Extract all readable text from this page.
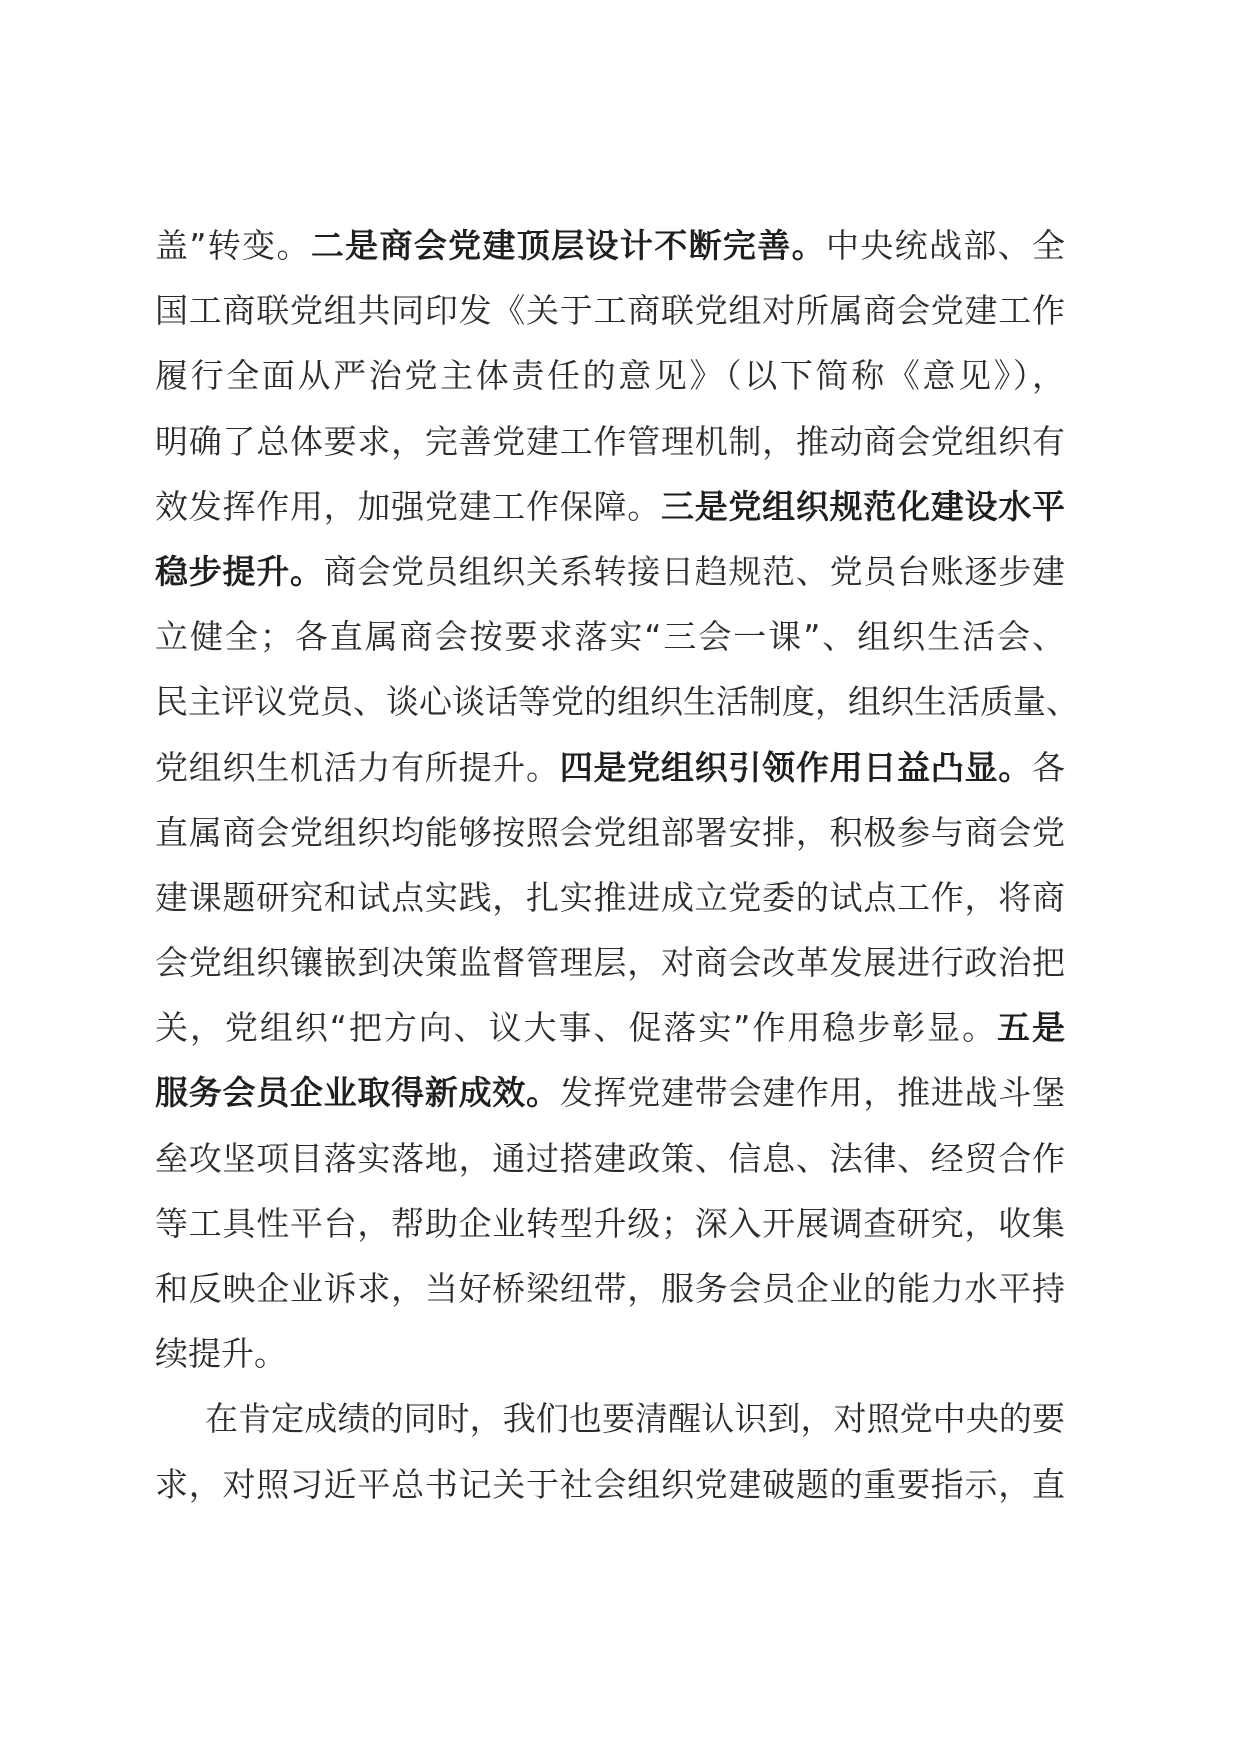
盖”转变。二是商会党建顶层设计不断完善。中央统战部、全
国工商联党组共同印发《关于工商联党组对所属商会党建工作
履行全面从严治党主体责任的意见》（以下简称《意见》），
明确了总体要求，完善党建工作管理机制，推动商会党组织有
效发挥作用，加强党建工作保障。三是党组织规范化建设水平
稳步提升。商会党员组织关系转接日趋规范、党员台账逐步建
立健全；各直属商会按要求落实“三会一课”、组织生活会、
民主评议党员、谈心谈话等党的组织生活制度，组织生活质量、
党组织生机活力有所提升。四是党组织引领作用日益凸显。各
直属商会党组织均能够按照会党组部署安排，积极参与商会党
建课题研究和试点实践，扎实推进成立党委的试点工作，将商
会党组织镶嵌到决策监督管理层，对商会改革发展进行政治把
关，党组织“把方向、议大事、促落实”作用稳步彰显。五是
服务会员企业取得新成效。发挥党建带会建作用，推进战斗堡
垒攻坚项目落实落地，通过搭建政策、信息、法律、经贸合作
等工具性平台，帮助企业转型升级；深入开展调查研究，收集
和反映企业诉求，当好桥梁纽带，服务会员企业的能力水平持
续提升。
在肯定成绩的同时，我们也要清醒认识到，对照党中央的要
求，对照习近平总书记关于社会组织党建破题的重要指示，直
